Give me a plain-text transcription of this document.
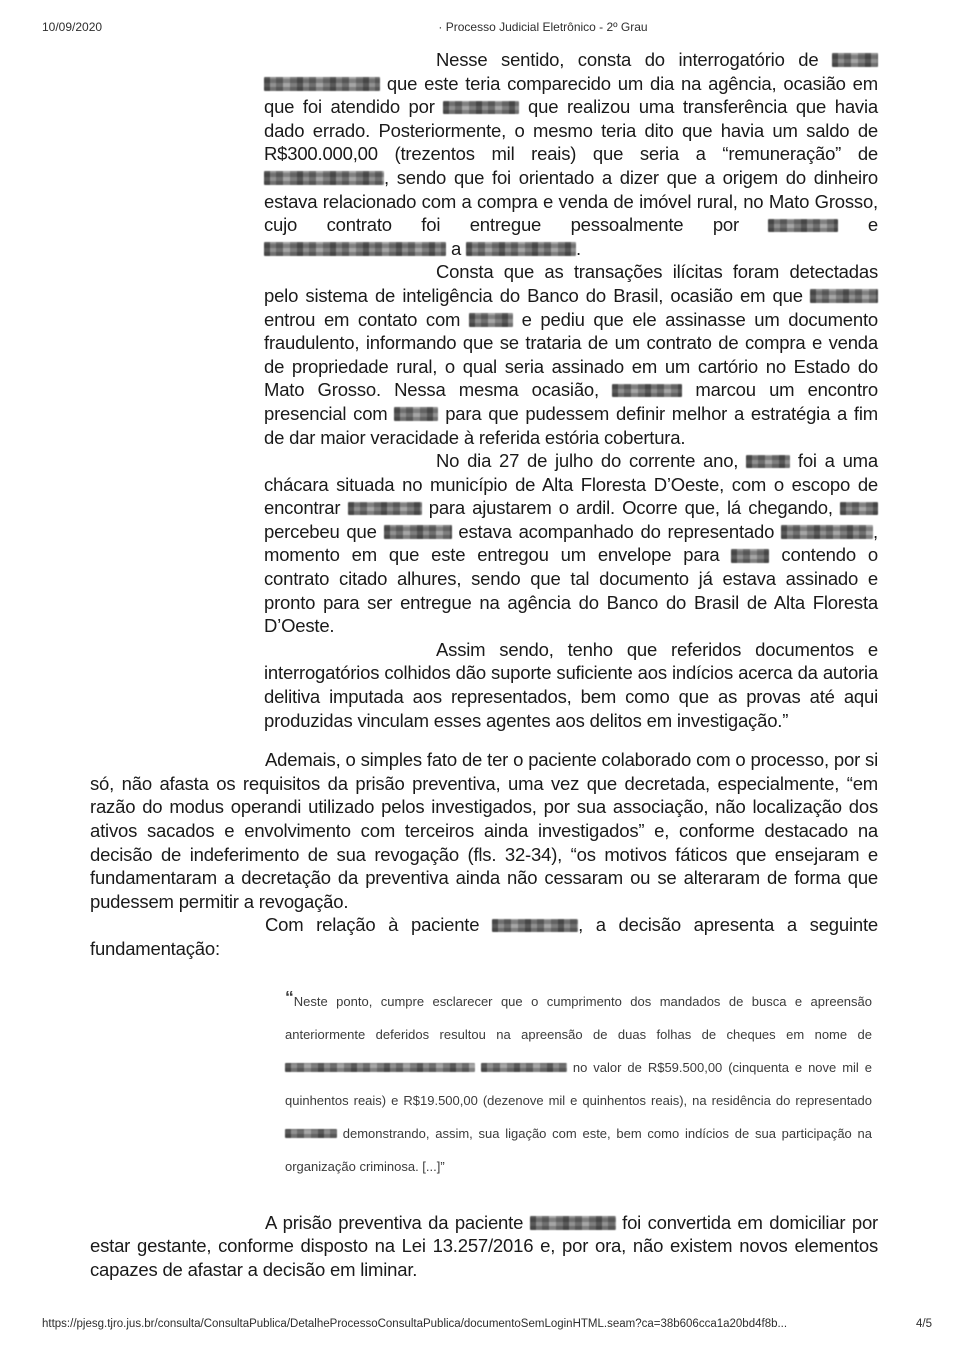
10/09/2020	· Processo Judicial Eletrônico - 2º Grau

Nesse sentido, consta do interrogatório de   que este teria comparecido um dia na agência, ocasião em que foi atendido por	que realizou uma transferência que havia dado errado. Posteriormente, o mesmo teria dito que havia um saldo de R$300.000,00 (trezentos mil reais) que seria a “remuneração” de , sendo que foi orientado a dizer que a origem do dinheiro estava relacionado com a compra e venda de imóvel rural, no Mato Grosso, cujo contrato foi entregue pessoalmente por	e  a	.

Consta que as transações ilícitas foram detectadas pelo sistema de inteligência do Banco do Brasil, ocasião em que  entrou em contato com  e pediu que ele assinasse um documento fraudulento, informando que se trataria de um contrato de compra e venda de propriedade rural, o qual seria assinado em um cartório no Estado do Mato Grosso. Nessa mesma ocasião,	marcou um encontro presencial com  para que pudessem definir melhor a estratégia a fim de dar maior veracidade à referida estória cobertura.

No dia 27 de julho do corrente ano,  foi a uma chácara situada no município de Alta Floresta D’Oeste, com o escopo de encontrar	para ajustarem o ardil. Ocorre que, lá chegando,  percebeu que	estava acompanhado do representado	, momento em que este entregou um envelope para  contendo o contrato citado alhures, sendo que tal documento já estava assinado e pronto para ser entregue na agência do Banco do Brasil de Alta Floresta D’Oeste.

Assim sendo, tenho que referidos documentos e interrogatórios colhidos dão suporte suficiente aos indícios acerca da autoria delitiva imputada aos representados, bem como que as provas até aqui produzidas vinculam esses agentes aos delitos em investigação.”

Ademais, o simples fato de ter o paciente colaborado com o processo, por si só, não afasta os requisitos da prisão preventiva, uma vez que decretada, especialmente, “em razão do modus operandi utilizado pelos investigados, por sua associação, não localização dos ativos sacados e envolvimento com terceiros ainda investigados” e, conforme destacado na decisão de indeferimento de sua revogação (fls. 32-34), “os motivos fáticos que ensejaram e fundamentaram a decretação da preventiva ainda não cessaram ou se alteraram de forma que pudessem permitir a revogação.

Com relação à paciente	, a decisão apresenta a seguinte fundamentação:

“Neste ponto, cumpre esclarecer que o cumprimento dos mandados de busca e apreensão anteriormente deferidos resultou na apreensão de duas folhas de cheques em nome de   no valor de R$59.500,00 (cinquenta e nove mil e quinhentos reais) e R$19.500,00 (dezenove mil e quinhentos reais), na residência do representado  demonstrando, assim, sua ligação com este, bem como indícios de sua participação na organização criminosa. [...]”

A prisão preventiva da paciente	foi convertida em domiciliar por estar gestante, conforme disposto na Lei 13.257/2016 e, por ora, não existem novos elementos capazes de afastar a decisão em liminar.

https://pjesg.tjro.jus.br/consulta/ConsultaPublica/DetalheProcessoConsultaPublica/documentoSemLoginHTML.seam?ca=38b606cca1a20bd4f8b...	4/5
